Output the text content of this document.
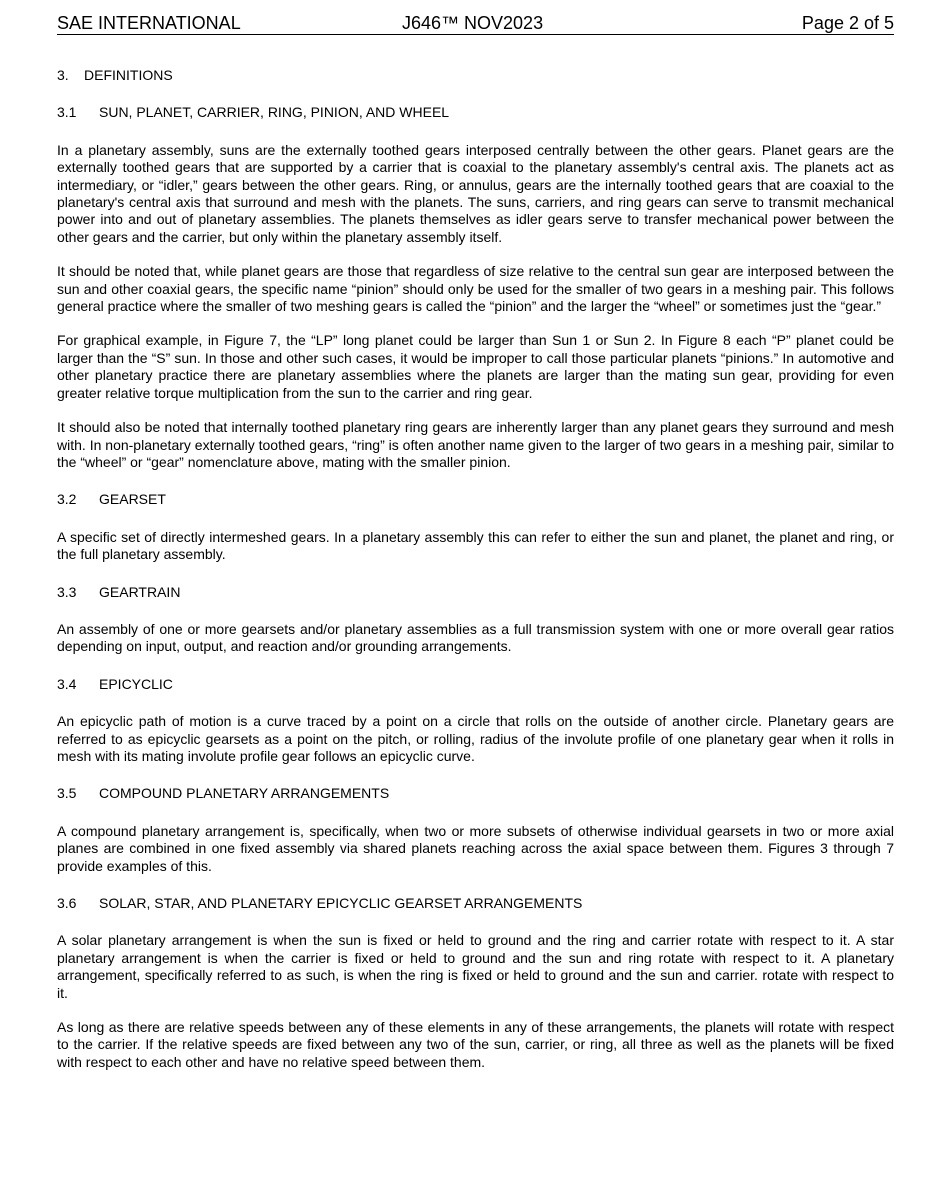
SAE INTERNATIONAL	J646™ NOV2023	Page 2 of 5
3. DEFINITIONS
3.1 SUN, PLANET, CARRIER, RING, PINION, AND WHEEL

In a planetary assembly, suns are the externally toothed gears interposed centrally between the other gears. Planet gears are the externally toothed gears that are supported by a carrier that is coaxial to the planetary assembly's central axis. The planets act as intermediary, or “idler,” gears between the other gears. Ring, or annulus, gears are the internally toothed gears that are coaxial to the planetary's central axis that surround and mesh with the planets. The suns, carriers, and ring gears can serve to transmit mechanical power into and out of planetary assemblies. The planets themselves as idler gears serve to transfer mechanical power between the other gears and the carrier, but only within the planetary assembly itself.

It should be noted that, while planet gears are those that regardless of size relative to the central sun gear are interposed between the sun and other coaxial gears, the specific name “pinion” should only be used for the smaller of two gears in a meshing pair. This follows general practice where the smaller of two meshing gears is called the “pinion” and the larger the “wheel” or sometimes just the “gear.”

For graphical example, in Figure 7, the “LP” long planet could be larger than Sun 1 or Sun 2. In Figure 8 each “P” planet could be larger than the “S” sun. In those and other such cases, it would be improper to call those particular planets “pinions.” In automotive and other planetary practice there are planetary assemblies where the planets are larger than the mating sun gear, providing for even greater relative torque multiplication from the sun to the carrier and ring gear.

It should also be noted that internally toothed planetary ring gears are inherently larger than any planet gears they surround and mesh with. In non-planetary externally toothed gears, “ring” is often another name given to the larger of two gears in a meshing pair, similar to the “wheel” or “gear” nomenclature above, mating with the smaller pinion.

3.2 GEARSET

A specific set of directly intermeshed gears. In a planetary assembly this can refer to either the sun and planet, the planet and ring, or the full planetary assembly.

3.3 GEARTRAIN

An assembly of one or more gearsets and/or planetary assemblies as a full transmission system with one or more overall gear ratios depending on input, output, and reaction and/or grounding arrangements.

3.4 EPICYCLIC

An epicyclic path of motion is a curve traced by a point on a circle that rolls on the outside of another circle. Planetary gears are referred to as epicyclic gearsets as a point on the pitch, or rolling, radius of the involute profile of one planetary gear when it rolls in mesh with its mating involute profile gear follows an epicyclic curve.

3.5 COMPOUND PLANETARY ARRANGEMENTS

A compound planetary arrangement is, specifically, when two or more subsets of otherwise individual gearsets in two or more axial planes are combined in one fixed assembly via shared planets reaching across the axial space between them. Figures 3 through 7 provide examples of this.

3.6 SOLAR, STAR, AND PLANETARY EPICYCLIC GEARSET ARRANGEMENTS

A solar planetary arrangement is when the sun is fixed or held to ground and the ring and carrier rotate with respect to it. A star planetary arrangement is when the carrier is fixed or held to ground and the sun and ring rotate with respect to it. A planetary arrangement, specifically referred to as such, is when the ring is fixed or held to ground and the sun and carrier. rotate with respect to it.

As long as there are relative speeds between any of these elements in any of these arrangements, the planets will rotate with respect to the carrier. If the relative speeds are fixed between any two of the sun, carrier, or ring, all three as well as the planets will be fixed with respect to each other and have no relative speed between them.
